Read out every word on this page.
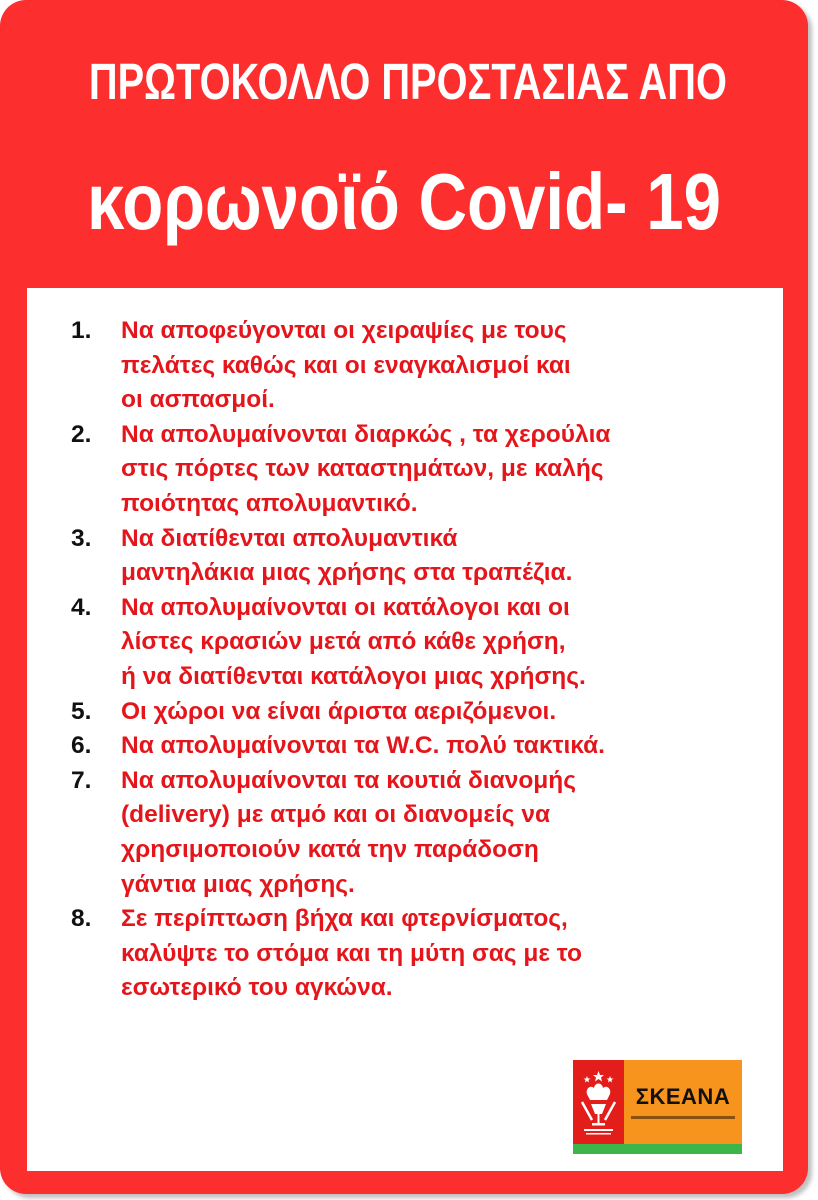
ΠΡΩΤΟΚΟΛΛΟ ΠΡΟΣΤΑΣΙΑΣ ΑΠΟ
κορωνοϊό Covid- 19
1. Να αποφεύγονται οι χειραψίες με τους
πελάτες καθώς και οι εναγκαλισμοί και
οι ασπασμοί.
2. Να απολυμαίνονται διαρκώς , τα χερούλια
στις πόρτες των καταστημάτων, με καλής
ποιότητας απολυμαντικό.
3. Να διατίθενται απολυμαντικά
μαντηλάκια μιας χρήσης στα τραπέζια.
4. Να απολυμαίνονται οι κατάλογοι και οι
λίστες κρασιών μετά από κάθε χρήση,
ή να διατίθενται κατάλογοι μιας χρήσης.
5. Οι χώροι να είναι άριστα αεριζόμενοι.
6. Να απολυμαίνονται τα W.C. πολύ τακτικά.
7. Να απολυμαίνονται τα κουτιά διανομής
(delivery) με ατμό και οι διανομείς να
χρησιμοποιούν κατά την παράδοση
γάντια μιας χρήσης.
8. Σε περίπτωση βήχα και φτερνίσματος,
καλύψτε το στόμα και τη μύτη σας με το
εσωτερικό του αγκώνα.
ΣΚΕΑΝΑ
